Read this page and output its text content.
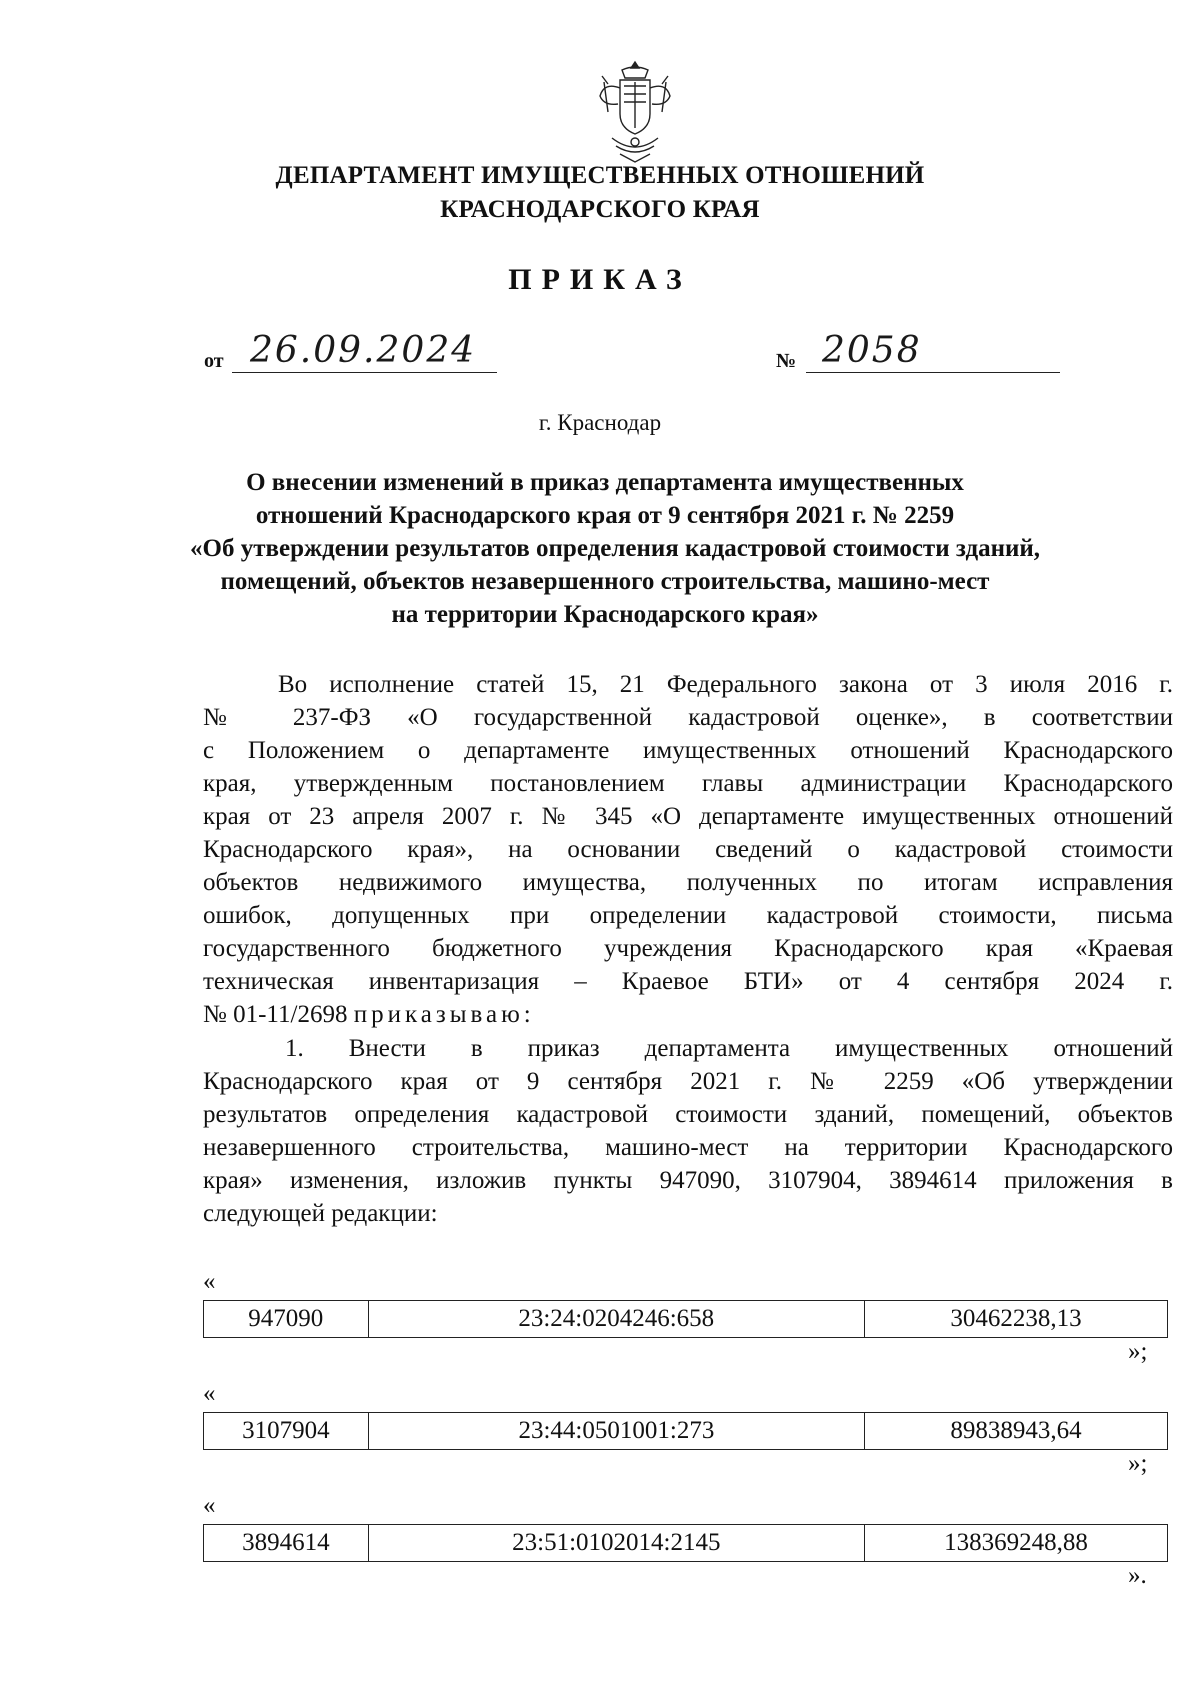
ДЕПАРТАМЕНТ ИМУЩЕСТВЕННЫХ ОТНОШЕНИЙ
КРАСНОДАРСКОГО КРАЯ
ПРИКАЗ
от 26.09.2024	№ 2058
г. Краснодар
О внесении изменений в приказ департамента имущественных
отношений Краснодарского края от 9 сентября 2021 г. № 2259
«Об утверждении результатов определения кадастровой стоимости зданий,
помещений, объектов незавершенного строительства, машино-мест
на территории Краснодарского края»
Во исполнение статей 15, 21 Федерального закона от 3 июля 2016 г.
№ 237-ФЗ «О государственной кадастровой оценке», в соответствии
с Положением о департаменте имущественных отношений Краснодарского
края, утвержденным постановлением главы администрации Краснодарского
края от 23 апреля 2007 г. № 345 «О департаменте имущественных отношений
Краснодарского края», на основании сведений о кадастровой стоимости
объектов недвижимого имущества, полученных по итогам исправления
ошибок, допущенных при определении кадастровой стоимости, письма
государственного бюджетного учреждения Краснодарского края «Краевая
техническая инвентаризация – Краевое БТИ» от 4 сентября 2024 г.
№ 01-11/2698 приказываю:
1. Внести в приказ департамента имущественных отношений
Краснодарского края от 9 сентября 2021 г. № 2259 «Об утверждении
результатов определения кадастровой стоимости зданий, помещений, объектов
незавершенного строительства, машино-мест на территории Краснодарского
края» изменения, изложив пункты 947090, 3107904, 3894614 приложения в
следующей редакции:
«
947090	23:24:0204246:658	30462238,13
»;
«
3107904	23:44:0501001:273	89838943,64
»;
«
3894614	23:51:0102014:2145	138369248,88
».
